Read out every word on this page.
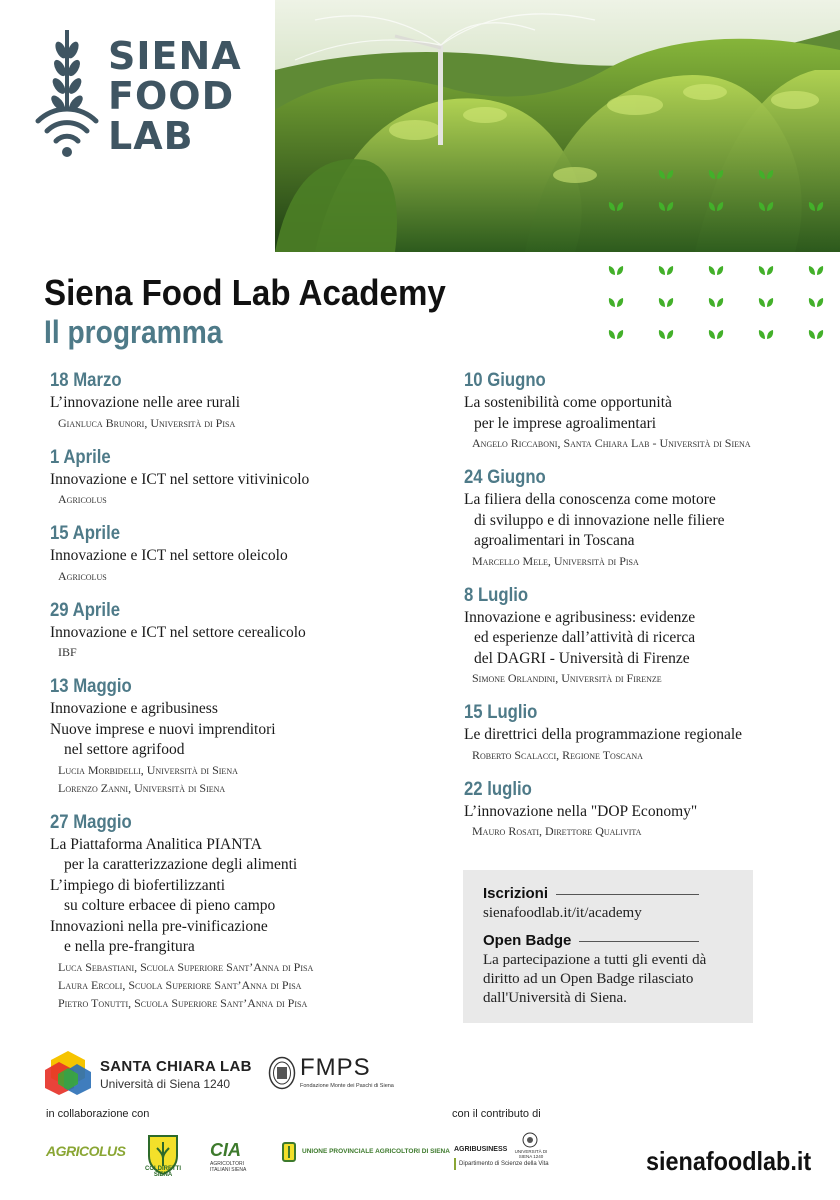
SIENA
FOOD
LAB
Siena Food Lab Academy
Il programma
18 Marzo
L’innovazione nelle aree rurali
Gianluca Brunori, Università di Pisa
1 Aprile
Innovazione e ICT nel settore vitivinicolo
Agricolus
15 Aprile
Innovazione e ICT nel settore oleicolo
Agricolus
29 Aprile
Innovazione e ICT nel settore cerealicolo
IBF
13 Maggio
Innovazione e agribusiness
Nuove imprese e nuovi imprenditori
nel settore agrifood
Lucia Morbidelli, Università di Siena
Lorenzo Zanni, Università di Siena
27 Maggio
La Piattaforma Analitica PIANTA
per la caratterizzazione degli alimenti
L’impiego di biofertilizzanti
su colture erbacee di pieno campo
Innovazioni nella pre-vinificazione
e nella pre-frangitura
Luca Sebastiani, Scuola Superiore Sant’Anna di Pisa
Laura Ercoli, Scuola Superiore Sant’Anna di Pisa
Pietro Tonutti, Scuola Superiore Sant’Anna di Pisa
10 Giugno
La sostenibilità come opportunità
per le imprese agroalimentari
Angelo Riccaboni, Santa Chiara Lab - Università di Siena
24 Giugno
La filiera della conoscenza come motore
di sviluppo e di innovazione nelle filiere
agroalimentari in Toscana
Marcello Mele, Università di Pisa
8 Luglio
Innovazione e agribusiness: evidenze
ed esperienze dall’attività di ricerca
del DAGRI - Università di Firenze
Simone Orlandini, Università di Firenze
15 Luglio
Le direttrici della programmazione regionale
Roberto Scalacci, Regione Toscana
22 luglio
L’innovazione nella "DOP Economy"
Mauro Rosati, Direttore Qualivita
Iscrizioni
sienafoodlab.it/it/academy
Open Badge
La partecipazione a tutti gli eventi dà diritto ad un Open Badge rilasciato dall'Università di Siena.
SANTA CHIARA LAB
Università di Siena 1240
FMPS
Fondazione Monte dei Paschi di Siena
in collaborazione con	con il contributo di
AGRICOLUS
COLDIRETTI SIENA
CIA
AGRICOLTORI ITALIANI SIENA
UNIONE PROVINCIALE AGRICOLTORI DI SIENA AGRIBUSINESS UNIVERSITÀ DI SIENA 1240
Dipartimento di Scienze della Vita	sienafoodlab.it
